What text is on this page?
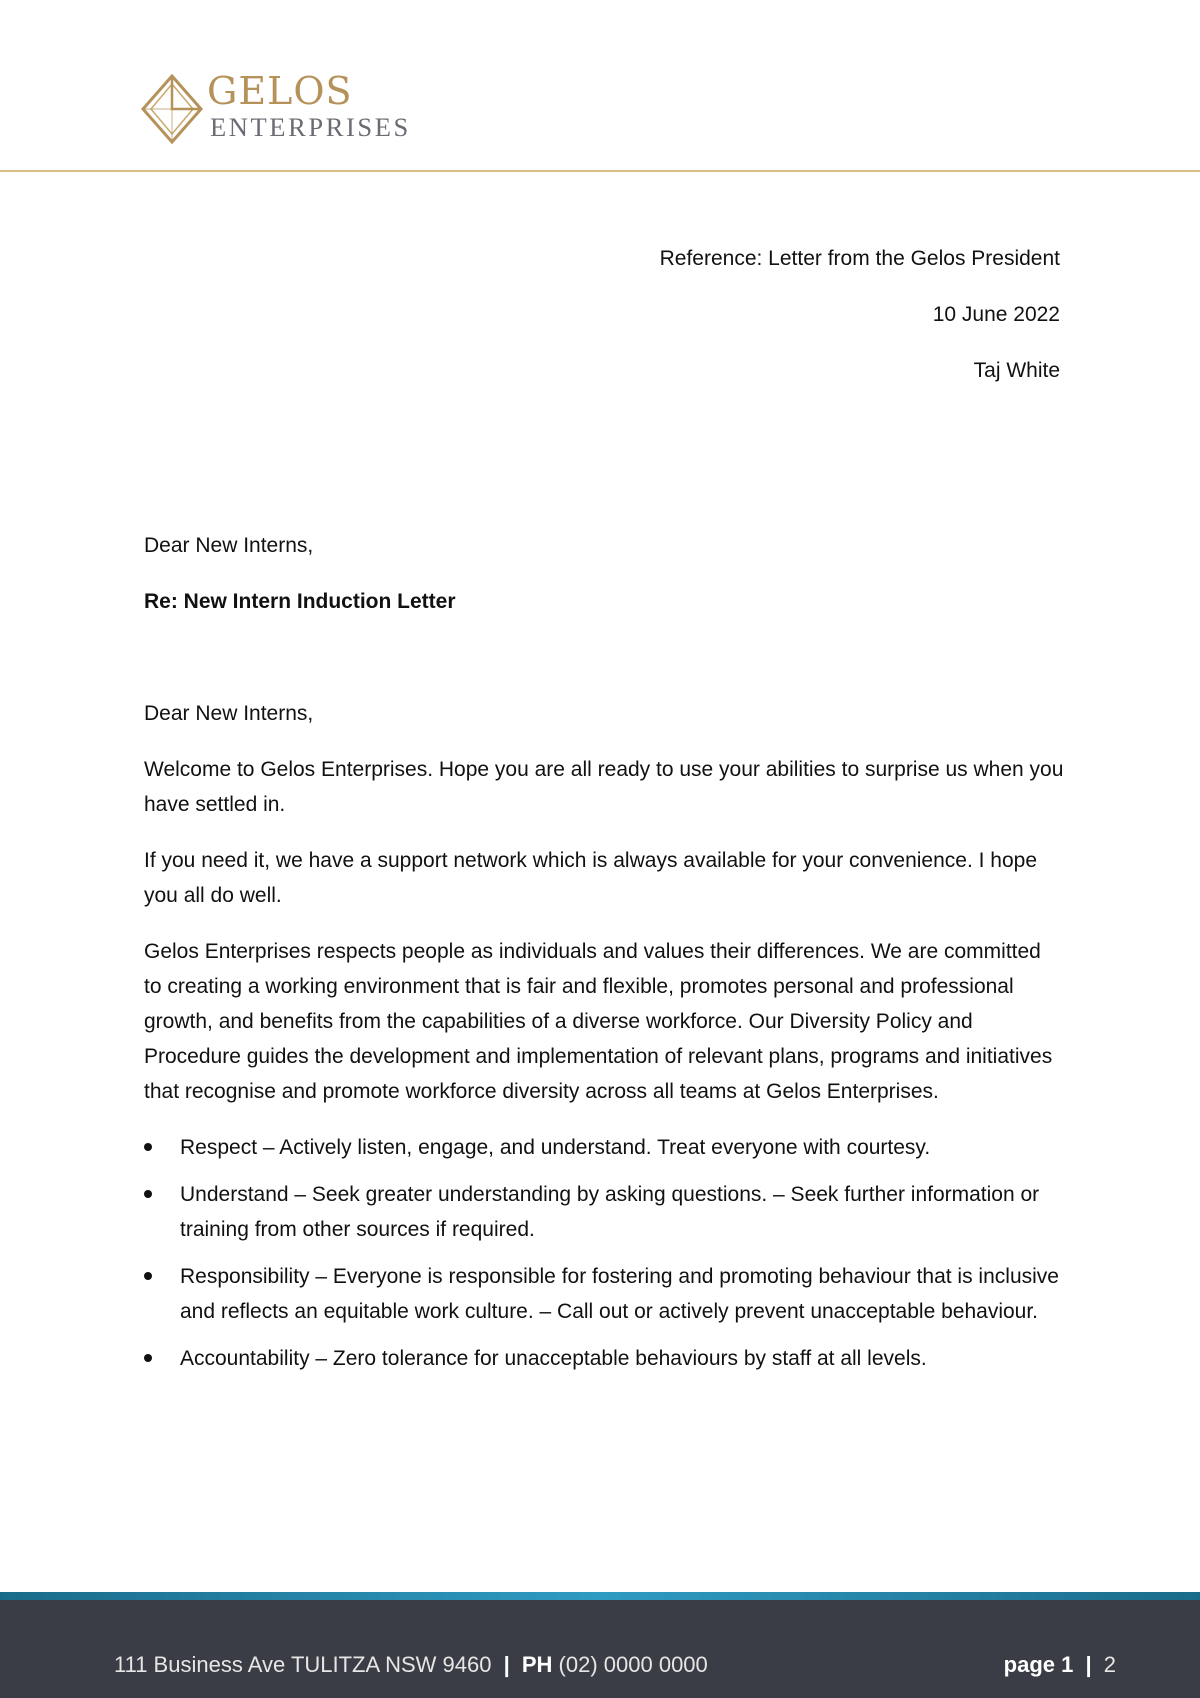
GELOS
ENTERPRISES
Reference: Letter from the Gelos President
10 June 2022
Taj White

Dear New Interns,

Re: New Intern Induction Letter

Dear New Interns,

Welcome to Gelos Enterprises. Hope you are all ready to use your abilities to surprise us when you have settled in.

If you need it, we have a support network which is always available for your convenience. I hope you all do well.

Gelos Enterprises respects people as individuals and values their differences. We are committed to creating a working environment that is fair and flexible, promotes personal and professional growth, and benefits from the capabilities of a diverse workforce. Our Diversity Policy and Procedure guides the development and implementation of relevant plans, programs and initiatives that recognise and promote workforce diversity across all teams at Gelos Enterprises.

Respect – Actively listen, engage, and understand. Treat everyone with courtesy.
Understand – Seek greater understanding by asking questions. – Seek further information or training from other sources if required.
Responsibility – Everyone is responsible for fostering and promoting behaviour that is inclusive and reflects an equitable work culture. – Call out or actively prevent unacceptable behaviour.
Accountability – Zero tolerance for unacceptable behaviours by staff at all levels.
111 Business Ave TULITZA NSW 9460 | PH (02) 0000 0000	page 1 | 2
